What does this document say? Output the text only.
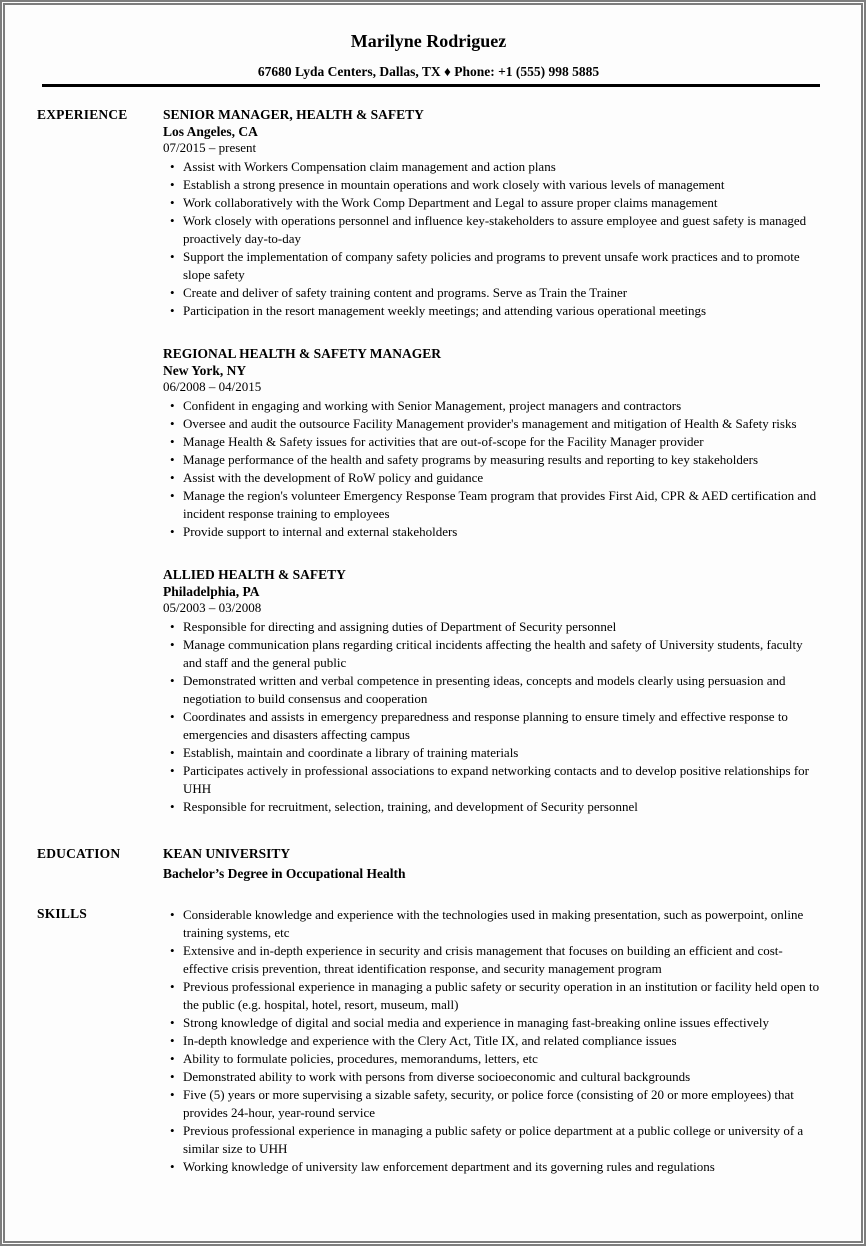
Marilyne Rodriguez
67680 Lyda Centers, Dallas, TX ♦ Phone: +1 (555) 998 5885
EXPERIENCE	SENIOR MANAGER, HEALTH & SAFETY
Los Angeles, CA
07/2015 – present
• Assist with Workers Compensation claim management and action plans
• Establish a strong presence in mountain operations and work closely with various levels of management
• Work collaboratively with the Work Comp Department and Legal to assure proper claims management
• Work closely with operations personnel and influence key-stakeholders to assure employee and guest safety is managed proactively day-to-day
• Support the implementation of company safety policies and programs to prevent unsafe work practices and to promote slope safety
• Create and deliver of safety training content and programs. Serve as Train the Trainer
• Participation in the resort management weekly meetings; and attending various operational meetings
REGIONAL HEALTH & SAFETY MANAGER
New York, NY
06/2008 – 04/2015
• Confident in engaging and working with Senior Management, project managers and contractors
• Oversee and audit the outsource Facility Management provider's management and mitigation of Health & Safety risks
• Manage Health & Safety issues for activities that are out-of-scope for the Facility Manager provider
• Manage performance of the health and safety programs by measuring results and reporting to key stakeholders
• Assist with the development of RoW policy and guidance
• Manage the region's volunteer Emergency Response Team program that provides First Aid, CPR & AED certification and incident response training to employees
• Provide support to internal and external stakeholders
ALLIED HEALTH & SAFETY
Philadelphia, PA
05/2003 – 03/2008
• Responsible for directing and assigning duties of Department of Security personnel
• Manage communication plans regarding critical incidents affecting the health and safety of University students, faculty and staff and the general public
• Demonstrated written and verbal competence in presenting ideas, concepts and models clearly using persuasion and negotiation to build consensus and cooperation
• Coordinates and assists in emergency preparedness and response planning to ensure timely and effective response to emergencies and disasters affecting campus
• Establish, maintain and coordinate a library of training materials
• Participates actively in professional associations to expand networking contacts and to develop positive relationships for UHH
• Responsible for recruitment, selection, training, and development of Security personnel
EDUCATION	KEAN UNIVERSITY
Bachelor’s Degree in Occupational Health
SKILLS	• Considerable knowledge and experience with the technologies used in making presentation, such as powerpoint, online training systems, etc
• Extensive and in-depth experience in security and crisis management that focuses on building an efficient and cost-effective crisis prevention, threat identification response, and security management program
• Previous professional experience in managing a public safety or security operation in an institution or facility held open to the public (e.g. hospital, hotel, resort, museum, mall)
• Strong knowledge of digital and social media and experience in managing fast-breaking online issues effectively
• In-depth knowledge and experience with the Clery Act, Title IX, and related compliance issues
• Ability to formulate policies, procedures, memorandums, letters, etc
• Demonstrated ability to work with persons from diverse socioeconomic and cultural backgrounds
• Five (5) years or more supervising a sizable safety, security, or police force (consisting of 20 or more employees) that provides 24-hour, year-round service
• Previous professional experience in managing a public safety or police department at a public college or university of a similar size to UHH
• Working knowledge of university law enforcement department and its governing rules and regulations
